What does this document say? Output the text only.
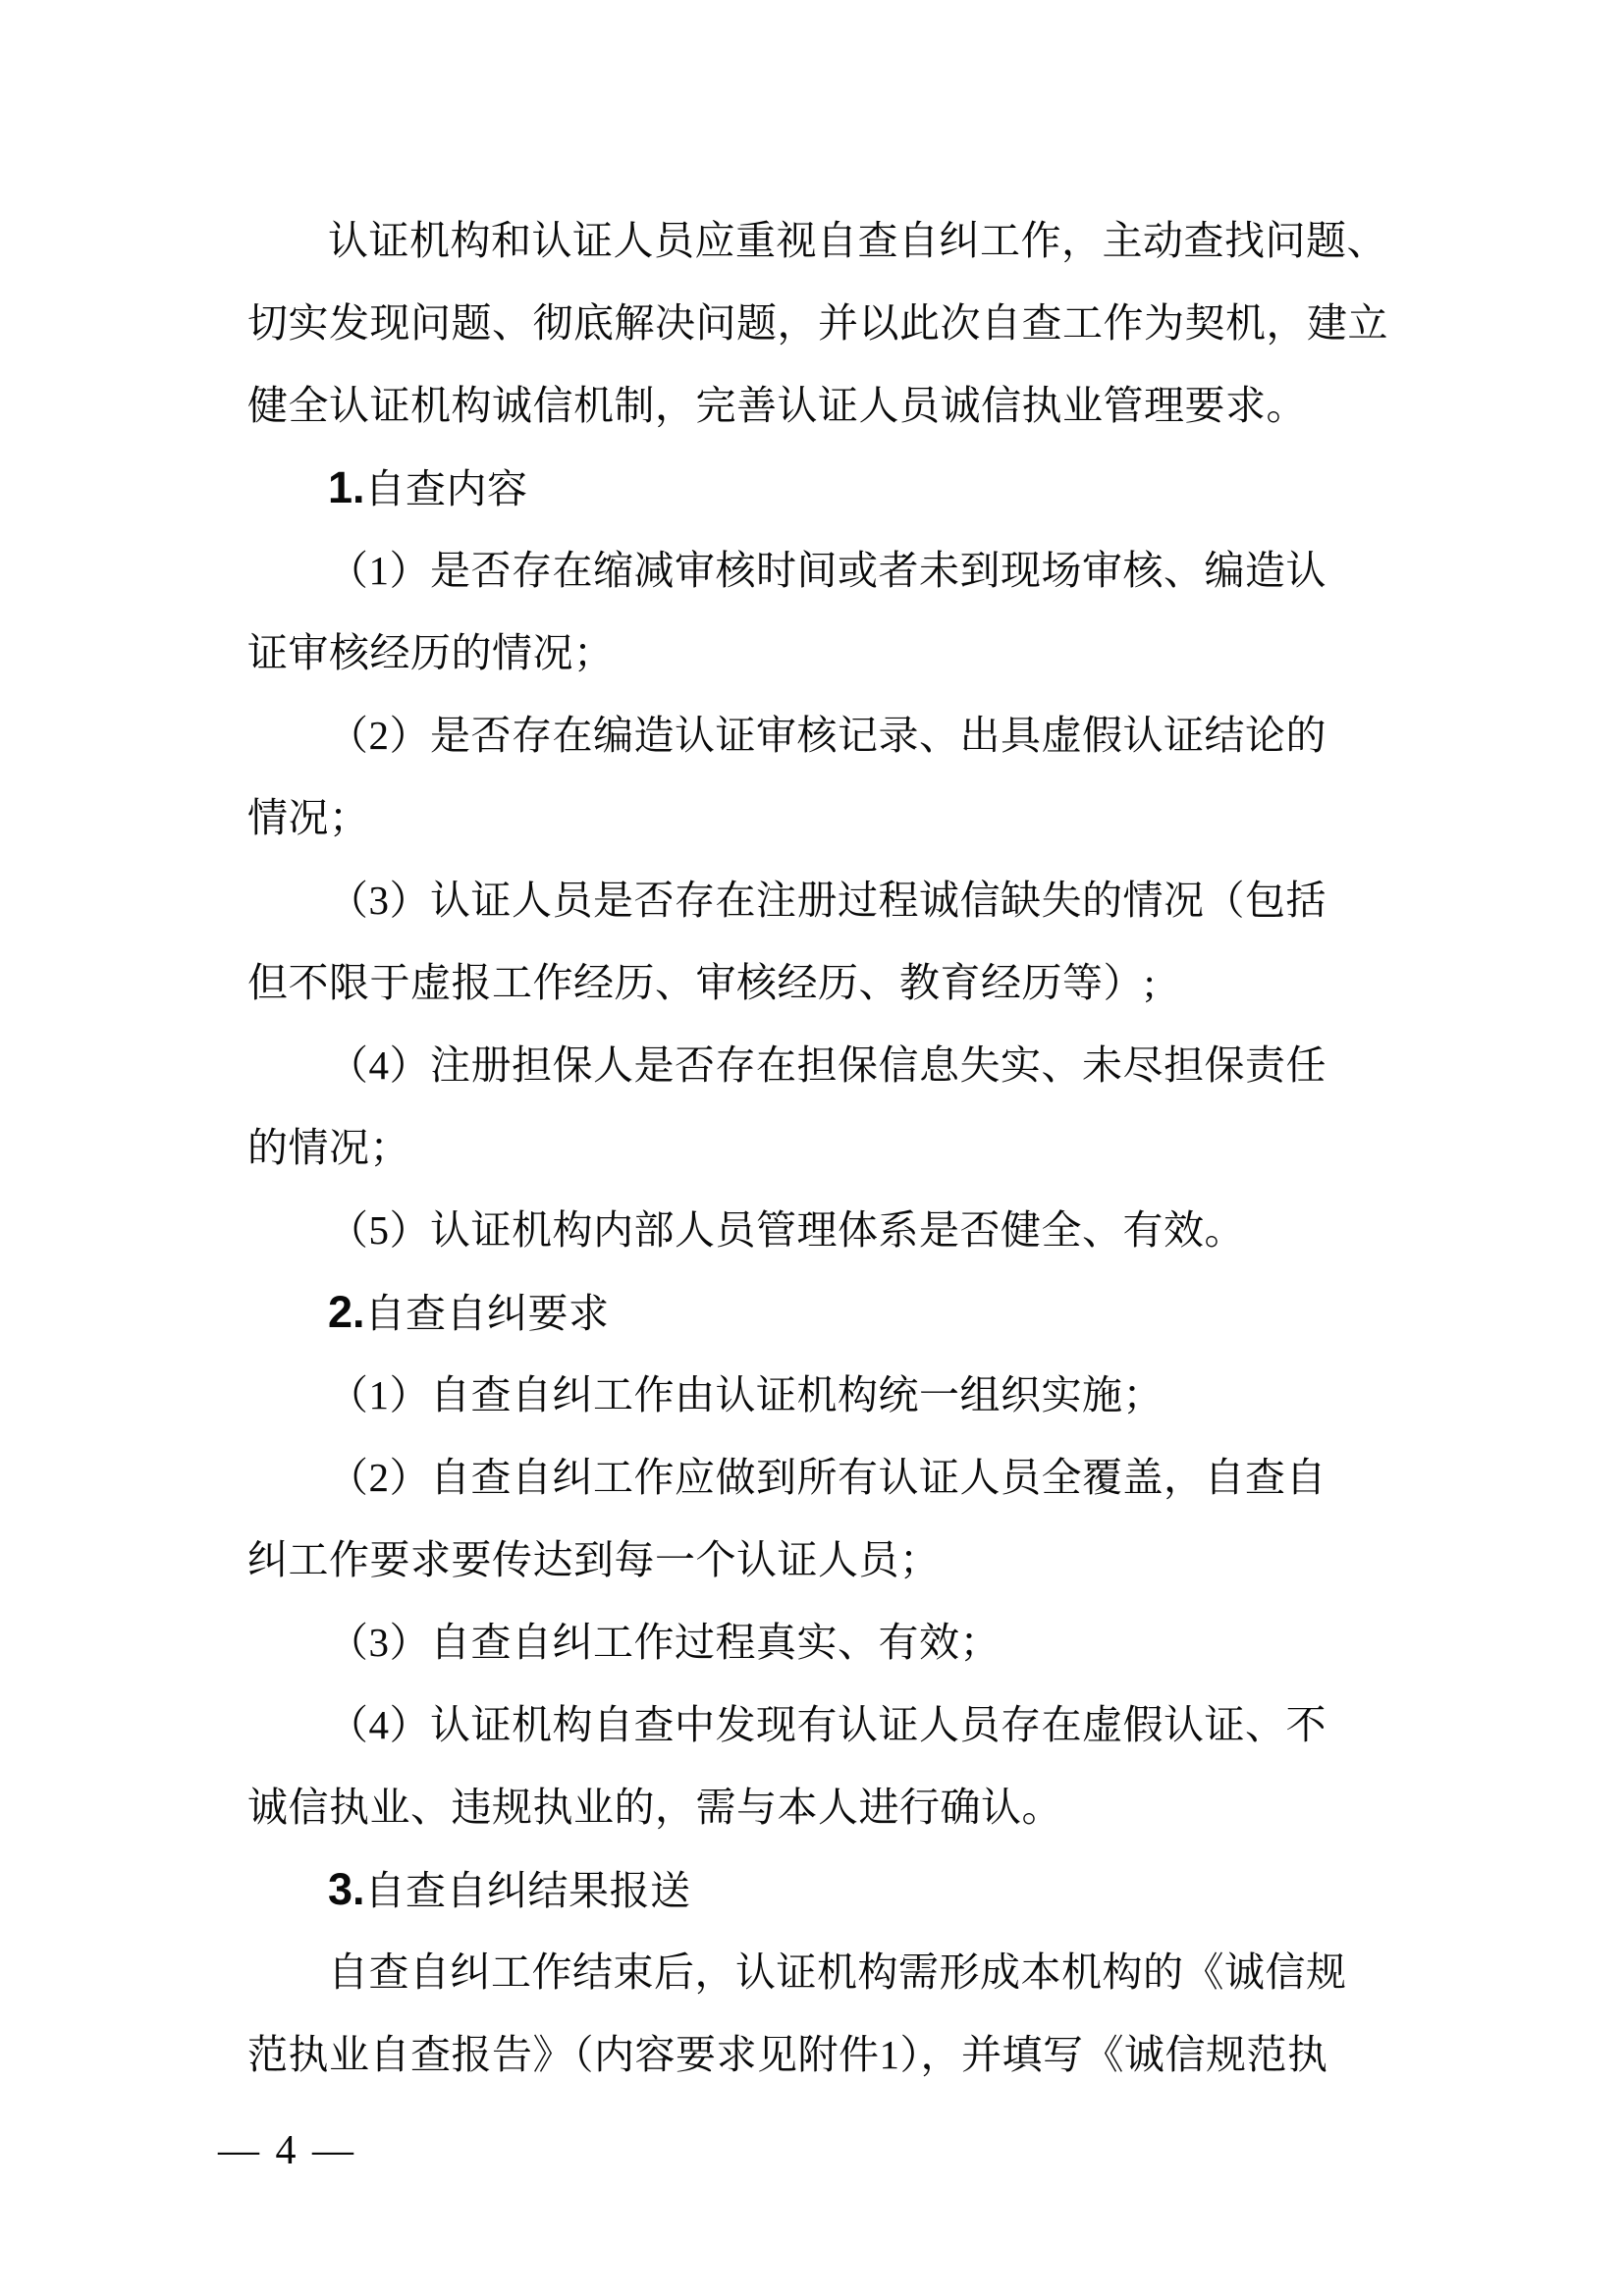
认证机构和认证人员应重视自查自纠工作，主动查找问题、
切实发现问题、彻底解决问题，并以此次自查工作为契机，建立
健全认证机构诚信机制，完善认证人员诚信执业管理要求。
1.自查内容
（1）是否存在缩减审核时间或者未到现场审核、编造认
证审核经历的情况；
（2）是否存在编造认证审核记录、出具虚假认证结论的
情况；
（3）认证人员是否存在注册过程诚信缺失的情况（包括
但不限于虚报工作经历、审核经历、教育经历等）;
（4）注册担保人是否存在担保信息失实、未尽担保责任
的情况；
（5）认证机构内部人员管理体系是否健全、有效。
2.自查自纠要求
（1）自查自纠工作由认证机构统一组织实施；
（2）自查自纠工作应做到所有认证人员全覆盖，自查自
纠工作要求要传达到每一个认证人员；
（3）自查自纠工作过程真实、有效；
（4）认证机构自查中发现有认证人员存在虚假认证、不
诚信执业、违规执业的，需与本人进行确认。
3.自查自纠结果报送
自查自纠工作结束后，认证机构需形成本机构的《诚信规
范执业自查报告》（内容要求见附件1），并填写《诚信规范执
— 4 —
